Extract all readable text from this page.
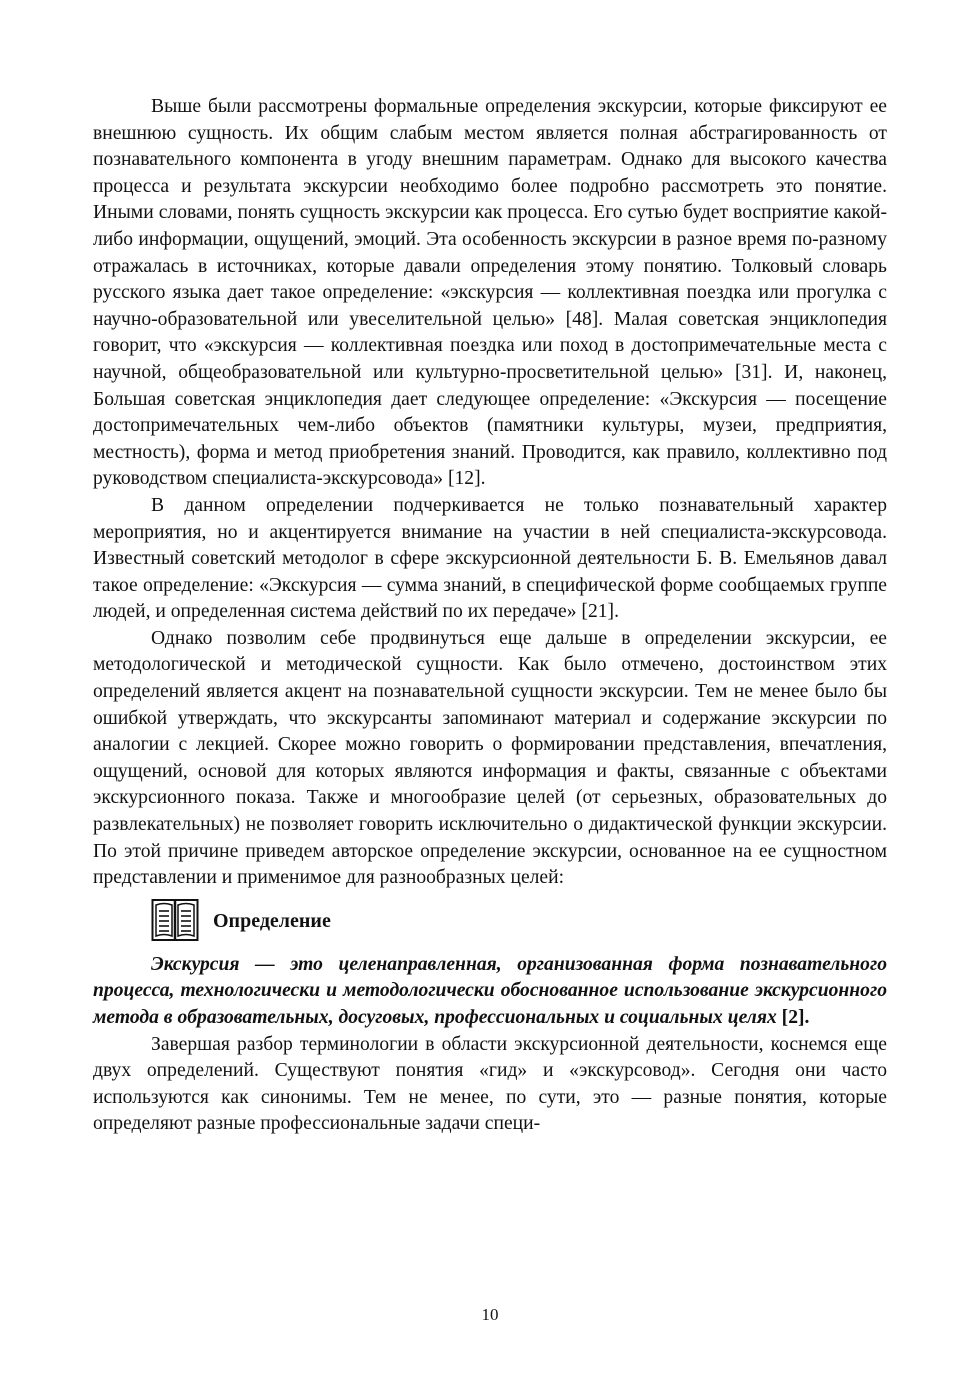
Выше были рассмотрены формальные определения экскурсии, которые фиксируют ее внешнюю сущность. Их общим слабым местом является полная абстрагированность от познавательного компонента в угоду внешним параметрам. Однако для высокого качества процесса и результата экскурсии необходимо более подробно рассмотреть это понятие. Иными словами, понять сущность экскурсии как процесса. Его сутью будет восприятие какой-либо информации, ощущений, эмоций. Эта особенность экскурсии в разное время по-разному отражалась в источниках, которые давали определения этому понятию. Толковый словарь русского языка дает такое определение: «экскурсия — коллективная поездка или прогулка с научно-образовательной или увеселительной целью» [48]. Малая советская энциклопедия говорит, что «экскурсия — коллективная поездка или поход в достопримечательные места с научной, общеобразовательной или культурно-просветительной целью» [31]. И, наконец, Большая советская энциклопедия дает следующее определение: «Экскурсия — посещение достопримечательных чем-либо объектов (памятники культуры, музеи, предприятия, местность), форма и метод приобретения знаний. Проводится, как правило, коллективно под руководством специалиста-экскурсовода» [12].

В данном определении подчеркивается не только познавательный характер мероприятия, но и акцентируется внимание на участии в ней специалиста-экскурсовода. Известный советский методолог в сфере экскурсионной деятельности Б. В. Емельянов давал такое определение: «Экскурсия — сумма знаний, в специфической форме сообщаемых группе людей, и определенная система действий по их передаче» [21].

Однако позволим себе продвинуться еще дальше в определении экскурсии, ее методологической и методической сущности. Как было отмечено, достоинством этих определений является акцент на познавательной сущности экскурсии. Тем не менее было бы ошибкой утверждать, что экскурсанты запоминают материал и содержание экскурсии по аналогии с лекцией. Скорее можно говорить о формировании представления, впечатления, ощущений, основой для которых являются информация и факты, связанные с объектами экскурсионного показа. Также и многообразие целей (от серьезных, образовательных до развлекательных) не позволяет говорить исключительно о дидактической функции экскурсии. По этой причине приведем авторское определение экскурсии, основанное на ее сущностном представлении и применимое для разнообразных целей:

Определение

Экскурсия — это целенаправленная, организованная форма познавательного процесса, технологически и методологически обоснованное использование экскурсионного метода в образовательных, досуговых, профессиональных и социальных целях [2].

Завершая разбор терминологии в области экскурсионной деятельности, коснемся еще двух определений. Существуют понятия «гид» и «экскурсовод». Сегодня они часто используются как синонимы. Тем не менее, по сути, это — разные понятия, которые определяют разные профессиональные задачи специ-

10
